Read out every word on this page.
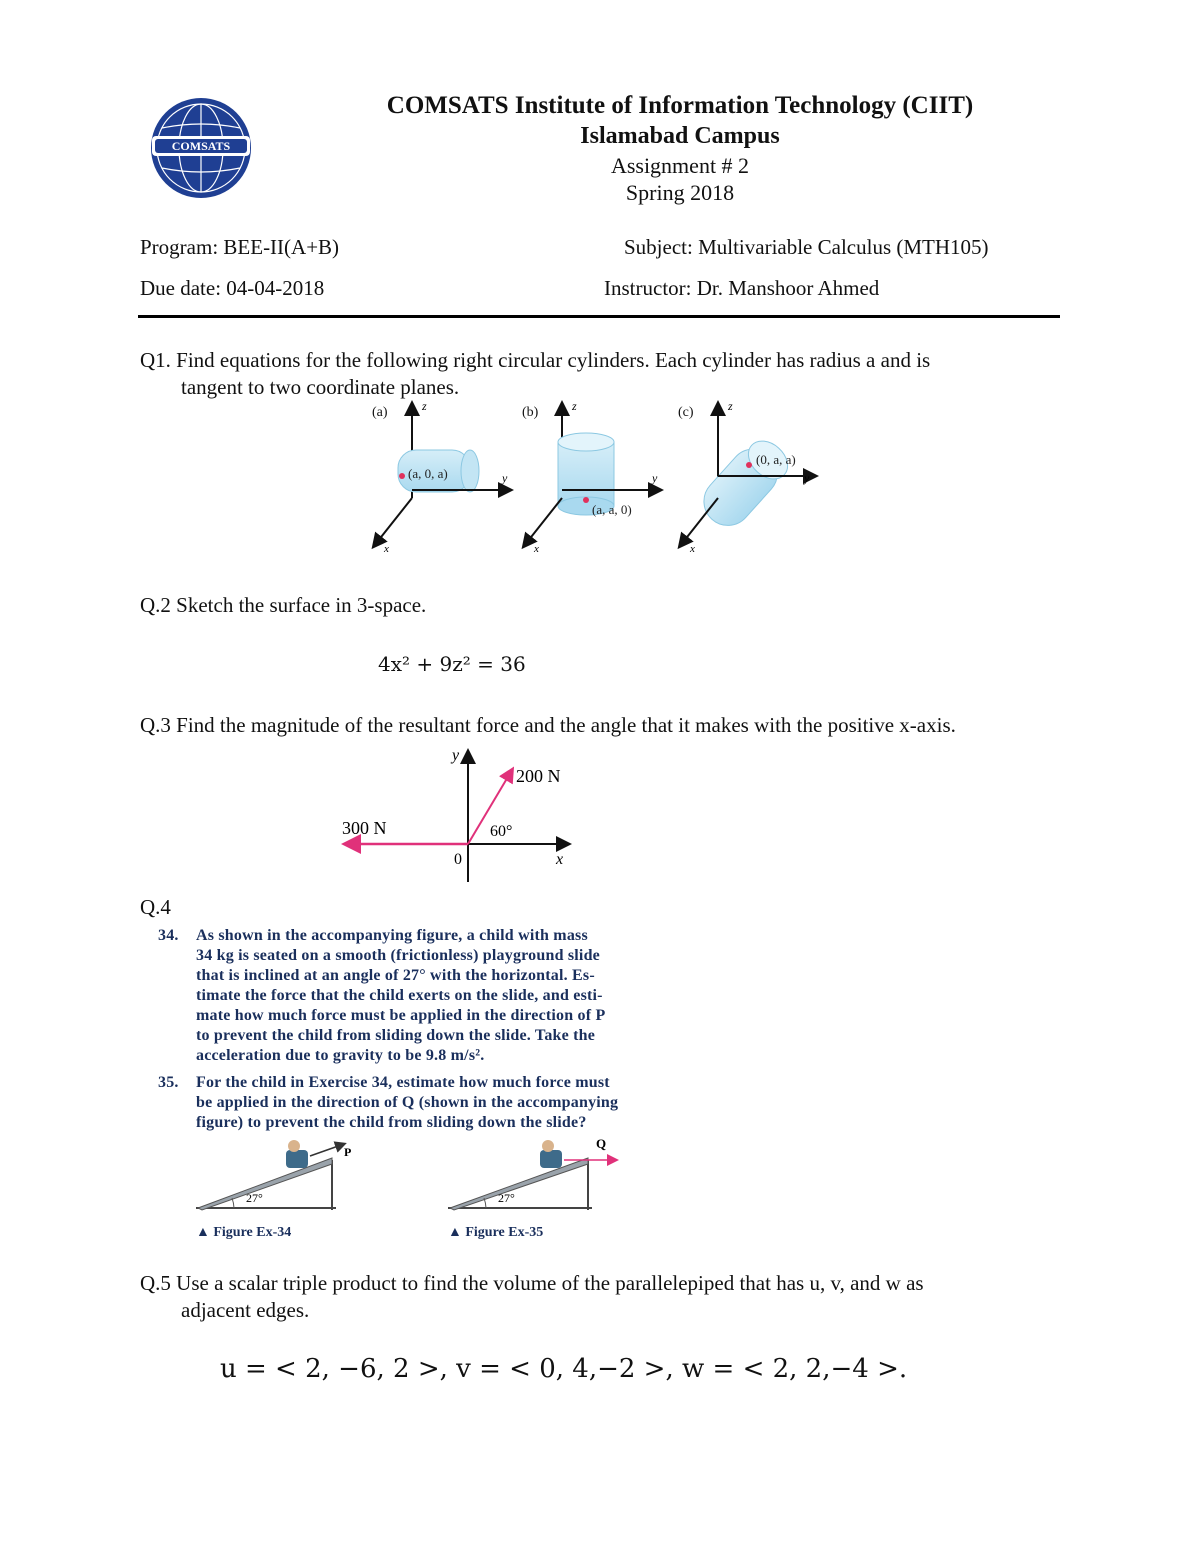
COMSATS
COMSATS Institute of Information Technology (CIIT)
Islamabad Campus
Assignment # 2
Spring 2018
Program: BEE-II(A+B)	Subject: Multivariable Calculus (MTH105)
Due date: 04-04-2018	Instructor: Dr. Manshoor Ahmed
Q1. Find equations for the following right circular cylinders. Each cylinder has radius a and is
tangent to two coordinate planes.
(a)	z
y
x
(a, 0, a)
(b)	z
y
x
(a, a, 0)
(c)	z
y
x
(0, a, a)
Q.2 Sketch the surface in 3-space.
4x² + 9z² = 36
Q.3 Find the magnitude of the resultant force and the angle that it makes with the positive x-axis.
y
x
0
200 N
300 N	60°
Q.4
34. As shown in the accompanying figure, a child with mass
34 kg is seated on a smooth (frictionless) playground slide
that is inclined at an angle of 27° with the horizontal. Es-
timate the force that the child exerts on the slide, and esti-
mate how much force must be applied in the direction of P
to prevent the child from sliding down the slide. Take the
acceleration due to gravity to be 9.8 m/s².
35. For the child in Exercise 34, estimate how much force must
be applied in the direction of Q (shown in the accompanying
figure) to prevent the child from sliding down the slide?
P
27°
▲ Figure Ex-34
Q
27°
▲ Figure Ex-35
Q.5 Use a scalar triple product to find the volume of the parallelepiped that has u, v, and w as
adjacent edges.
u = < 2, −6, 2 >, v = < 0, 4,−2 >, w = < 2, 2,−4 >.
